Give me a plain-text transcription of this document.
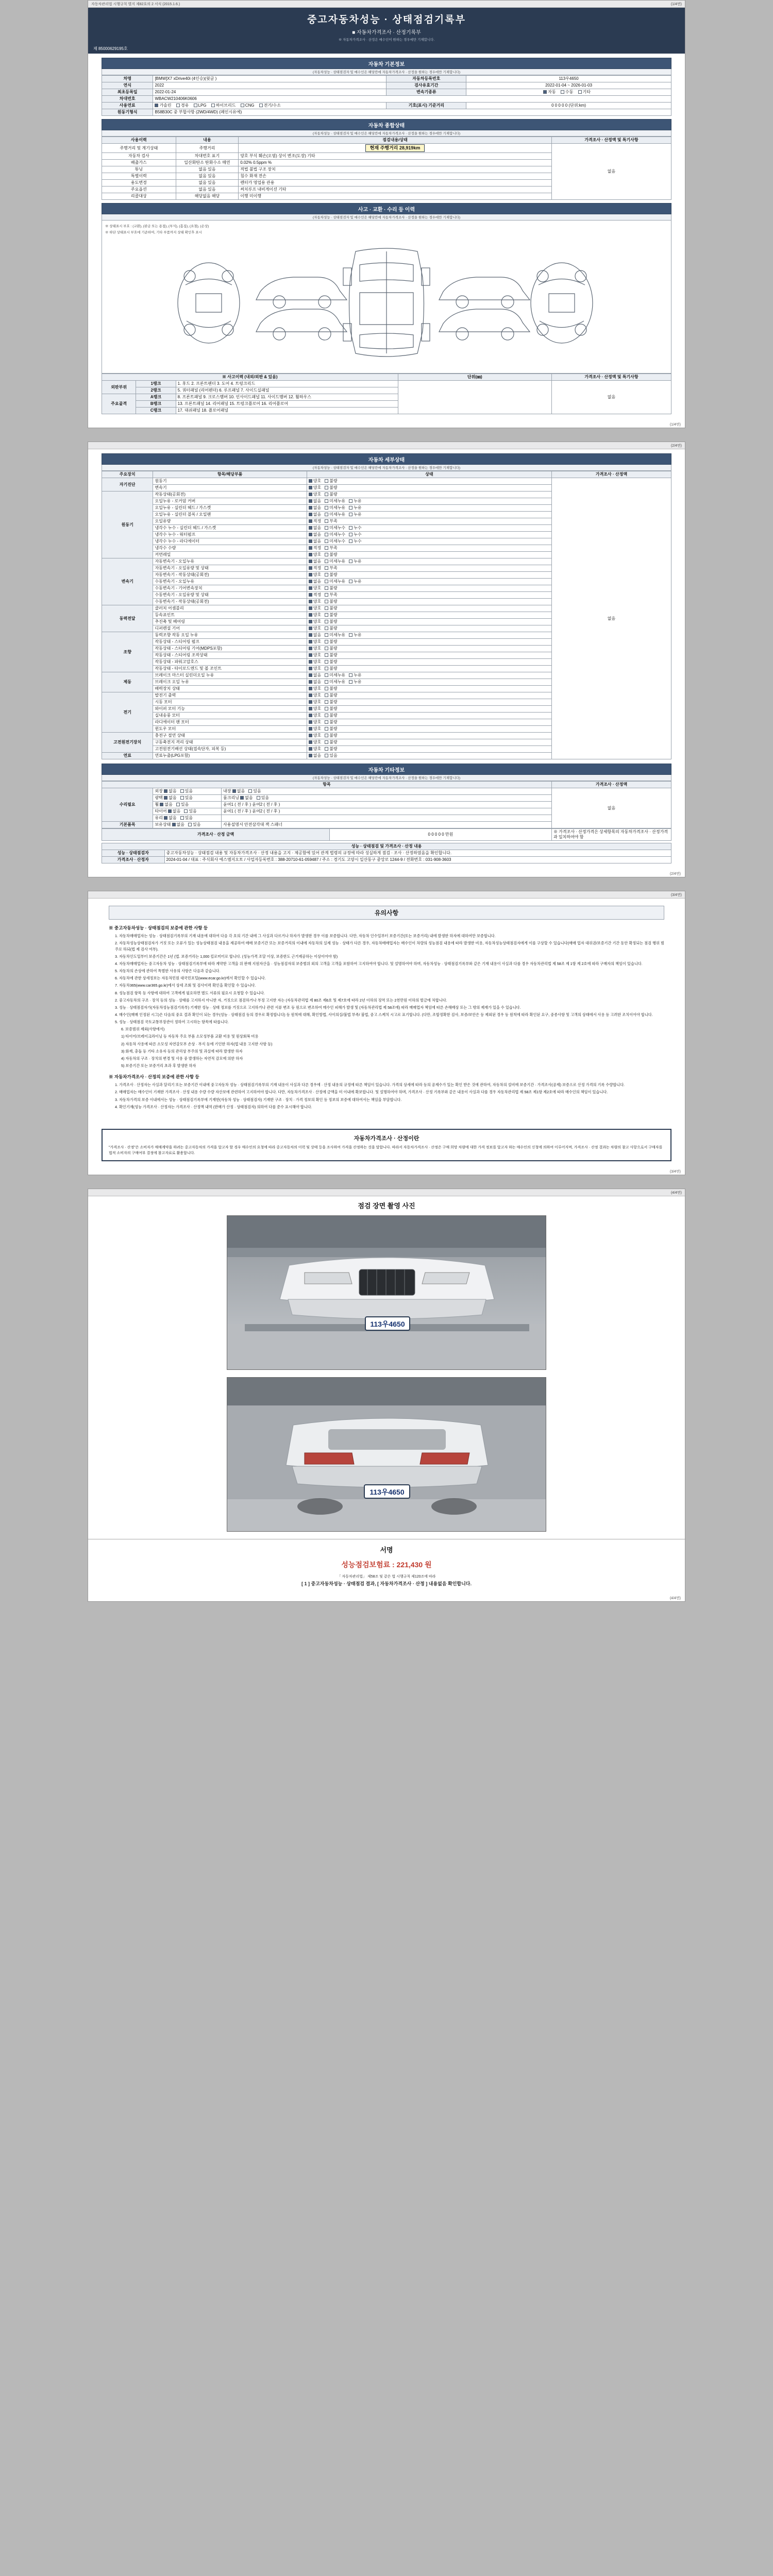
자동차관리법 시행규칙 별지 제82호의 2 서식 (2015.1.6.)	(1/4면)
중고자동차성능 · 상태점검기록부
■ 자동차가격조사 · 산정기록부
※ 자동차가격조사 · 산정은 매수인이 원하는 경우에만 기재합니다.
제 85000629195호
자동차 기본정보
(자동차성능 · 상태점검자 및 매수인은 해당칸에 자동차가격조사 · 산정을 원하는 경우에만 기재합니다)
차명	[BMW]X7 xDrive40i (4인승)(윗글 )	자동차등록번호	113우4650
연식	2022	검사유효기간	2022-01-04 ~ 2026-01-03
최초등록일	2022-01-24	변속기종류	자동 수동 기타
차대번호	WBACW210406K0606		
사용연료	가솔린 경유 LPG 하이브리드 CNG 전기/수소	기호(표시) 기준거리	0 0 0 0 0 (단위:km)
원동기형식	B58B30C 중 부합사항 (2WD/4WD) (페인시유에)		
자동차 종합상태
(자동차성능 · 상태점검자 및 매수인은 해당칸에 자동차가격조사 · 산정을 원하는 경우에만 기재합니다)
사용이력	내용	점검내용/상태	가격조사 · 산정액 및 특기사항
주행거리 및 계기상태	주행거리	현재 주행거리 28,919km	없음
자동차 검사	차대번호 표기	양호 부식 훼손(오염) 상이 변조(도장) 기타	
배출가스	일산화탄소 탄화수소 매연	0.02% 0.5ppm %	
튜닝	없음 있음	적법 불법 구조 장치	
특별이력	없음 있음	침수 화재 전손	
용도변경	없음 있음	렌터카 영업용 관용	
주요옵션	없음 있음	써치루프 내비게이션 기타	
리콜대상	해당없음 해당	이행 미이행	
사고 · 교환 · 수리 등 이력
(자동차성능 · 상태점검자 및 매수인은 해당칸에 자동차가격조사 · 산정을 원하는 경우에만 기재합니다)
※ 상태표시 부호 : (교환), (판금 또는 용접), (부식), (흠집), (요철), (손상)
※ 하단 상태표시 부호에 기준하여, 기타 부품까지 상태 확인후 표시
※ 사고이력 (내외/외판 & 있음)			단위(㎜)	가격조사 · 산정액 및 특기사항
외판부위	1랭크	1. 후드 2. 프론트펜더 3. 도어 4. 트렁크리드		없음
	2랭크	5. 쿼터패널 (리어펜더) 6. 루프패널 7. 사이드실패널		
주요골격	A랭크	8. 프론트패널 9. 크로스멤버 10. 인사이드패널 11. 사이드멤버 12. 휠하우스		
	B랭크	13. 프론트패널 14. 리어패널 15. 트렁크플로어 16. 리어플로어		
	C랭크	17. 대쉬패널 18. 플로어패널		
(1/4면)
(2/4면)
자동차 세부상태
(자동차성능 · 상태점검자 및 매수인은 해당칸에 자동차가격조사 · 산정을 원하는 경우에만 기재합니다)
주요장치	항목/해당부품	상태	가격조사 · 산정액
자기진단	원동기	양호 불량	없음
	변속기	양호 불량	
원동기	작동상태(공회전)	양호 불량	
	오일누유 - 로커암 커버	없음 미세누유 누유	
	오일누유 - 실린더 헤드 / 가스켓	없음 미세누유 누유	
	오일누유 - 실린더 블록 / 오일팬	없음 미세누유 누유	
	오일유량	적정 부족	
	냉각수 누수 - 실린더 헤드 / 가스켓	없음 미세누수 누수	
	냉각수 누수 - 워터펌프	없음 미세누수 누수	
	냉각수 누수 - 라디에이터	없음 미세누수 누수	
	냉각수 수량	적정 부족	
	커먼레일	양호 불량	
변속기	자동변속기 - 오일누유	없음 미세누유 누유	
	자동변속기 - 오일유량 및 상태	적정 부족	
	자동변속기 - 작동상태(공회전)	양호 불량	
	수동변속기 - 오일누유	없음 미세누유 누유	
	수동변속기 - 기어변속장치	양호 불량	
	수동변속기 - 오일유량 및 상태	적정 부족	
	수동변속기 - 작동상태(공회전)	양호 불량	
동력전달	클러치 어셈블리	양호 불량	
	등속죠인트	양호 불량	
	추진축 및 베어링	양호 불량	
	디퍼렌셜 기어	양호 불량	
조향	동력조향 작동 오일 누유	없음 미세누유 누유	
	작동상태 - 스티어링 펌프	양호 불량	
	작동상태 - 스티어링 기어(MDPS포함)	양호 불량	
	작동상태 - 스티어링 조작상태	양호 불량	
	작동상태 - 파워고압호스	양호 불량	
	작동상태 - 타이로드엔드 및 볼 조인트	양호 불량	
제동	브레이크 마스터 실린더오일 누유	없음 미세누유 누유	
	브레이크 오일 누유	없음 미세누유 누유	
	배력장치 상태	양호 불량	
전기	발전기 출력	양호 불량	
	시동 모터	양호 불량	
	와이퍼 모터 기능	양호 불량	
	실내송풍 모터	양호 불량	
	라디에이터 팬 모터	양호 불량	
	윈도우 모터	양호 불량	
고전원전기장치	충전구 절연 상태	양호 불량	
	구동축전지 격리 상태	양호 불량	
	고전원전기배선 상태(접속단자, 피복 등)	양호 불량	
연료	연료누출(LPG포함)	없음 있음	
자동차 기타정보
(자동차성능 · 상태점검자 및 매수인은 해당칸에 자동차가격조사 · 산정을 원하는 경우에만 기재합니다)
항목			가격조사 · 산정액
수리필요	외장 없음 있음	내장 없음 있음	없음
	광택 없음 있음	룸크리닝 없음 있음	
	휠 없음 있음	윤여1 ( 전 / 후 ) 윤여2 ( 전 / 후 )	
	타이어 없음 있음	윤여1 ( 전 / 후 ) 윤여2 ( 전 / 후 )	
	유리 없음 있음		
기본품목	보유상태 없음 있음	사용설명서 안전삼각대 잭 스패너	
가격조사 · 산정 금액	0 0 0 0 0 만원	※ 가격조사 · 산정가격은 상세항목의 자동차가격조사 · 산정가격과 일치하여야 함
성능 · 상태점검 및 가격조사 · 산정 내용	
성능 · 상태점검자	중고자동차성능 · 상태점검 내용 및 자동차가격조사 · 산정 내용을 고지 · 제공함에 있어 관계 법령의 규정에 따라 성실하게 점검 · 조사 · 산정하였음을 확인합니다.
가격조사 · 산정자	2024-01-04 / 대표 : 주식회사 에스엠지오토 / 사업자등록번호 : 388-20710-61-059487 / 주소 : 경기도 고양시 일산동구 중앙로 1244-9 / 전화번호 : 031-908-3603
(2/4면)
(3/4면)
유의사항
※ 중고자동차성능 · 상태점검의 보증에 관한 사항 등

1. 자동차매매업자는 성능 · 상태점검기록부의 기재 내용에 대하여 다음 각 호의 기간 내에 그 사실과 다르거나 하자가 발생한 경우 이를 보증합니다. 다만, 자동차 인수일부터 보증기간(또는 보증거리) 내에 발생한 하자에 대하여만 보증합니다.

2. 자동차성능상태점검자가 거짓 또는 오류가 있는 성능상태점검 내용을 제공하여 매매 보증기간 또는 보증거리의 이내에 자동차의 실제 성능 · 상태가 다른 경우, 자동차매매업자는 매수인이 차량의 성능점검 내용에 따라 발생한 비용, 자동차성능상태점검자에게 이를 구상할 수 있습니다(매매 업자 대위권/보증기간 기간 동안 확정되는 점검 행위 범주로 하되(법 제 검사 여부).

3. 자동차인도일부터 보증기간은 1년 (법. 보증거리는 1,000 킬로미터로 합니다. (성능가격 조달 이상, 보증한도 근거제공하는 이상이어야 함)

4. 자동차매매업자는 중고자동차 성능 · 상태점검기록부에 따라 계약한 고객을 위 판매 지원자산을 · 성능점검자의 보증범위 외의 고객을 고객을 포함하여 고지하여야 합니다. 및 설명하여야 하며, 자동차성능 · 상태점검기록부와 같은 기재 내용이 사실과 다를 경우 자동차관리법 제 58조 제 1항 제 2호에 따라 구매자의 책임이 있습니다.

5. 자동차의 손상에 관하여 특별한 사유의 사항은 다음과 같습니다.

6. 자동차에 관한 상세정보는 자동차민원 대국민포털(www.ecar.go.kr)에서 확인할 수 있습니다.

7. 자동차365(www.car365.go.kr)에서 상세 조회 및 검사이력 확인을 확인할 수 있습니다.

8. 성능점검 항목 등 사항에 대하여 고객에게 필요하면 별도 서류의 필요시 요청할 수 있습니다.

2. 중고자동차의 구조 · 장치 등의 성능 · 상태를 고지하지 아니한 자, 거짓으로 점검하거나 부정 고지한 자는 (자동차관리법 제 80조 제6호 및 제7호에 따라 2년 이하의 징역 또는 2천만원 이하의 벌금에 처합니다.

3. 성능 · 상태점검자가(자동차성능점검기록부) 기재한 성능 · 상태 정보를 거짓으로 고지하거나 관련 서류 변조 등 원으로 변조하여 매수인 피해가 발생 및 (자동차관리법 제 58조에) 따라 매매업자 책임에 따른 손해배상 또는 그 밖의 제재가 있을 수 있습니다.

4. 매수인(매매 인정된 시그)은 다음의 중요 결과 확인이 되는 경우(성능 · 상태점검 등의 경우로 확정합니다) 등 원칙에 대해, 확인방법, 사이의실/불법 부족/ 불법, 중고 스케치 시고로 표기합니다. (다만, 조합정확한 검사, 보증/보안은 등 제외된 경우 등 원칙에 따라 확인된 요구, 중종사항 및 고객의 상태에서 사용 등 고려한 조치이어야 합니다.

5. 성능 · 상태점검 국토교통부장관이 정하여 고시하는 항목에 따릅니다.

6. 보증범위 제외(사항에서)

1) 타이어/브레이크라이닝 등 자동차 주요 부품 소모성부품 교환 비용 및 원상회복 비용

2) 자동차 사용에 따른 소모성 자연감모부 손상 · 부식 등에 기인한 하자(법 내용 고지한 사항 등)

3) 화재, 충돌 등 기타 소유자 등의 관리상 부주의 및 과실에 따라 발생한 하자

4) 자동차의 구조 · 장치의 변경 및 사용 중 발생하는 자연적 감모에 의한 하자

5) 보증기간 또는 보증거리 초과 후 발생한 하자

※ 자동차가격조사 · 산정의 보증에 관한 사항 등

1. 가격조사 · 산정자는 사실과 달리기 또는 보증기간 이내에 중고자동차 성능 · 상태점검기록부의 기재 내용이 사실과 다른 경우에 · 산정 내용의 규정에 따른 책임이 있습니다. 가격의 상세에 따라 등의 공제수가 있는 확인 받은 것에 관하여, 자동차의 설비에 보증기간 · 가격조사(공제) 보증으로 산정 가격의 기록 수량합니다.

2. 매매업자는 매수인이 기재한 가격조사 · 산정 내용 수량 수량 자산보에 관련하여 고지하여야 합니다. 다만, 자동차가격조사 · 산정에 금액을 미 이내에 확보합니다. 및 설명하여야 하며, 가격조사 · 산정 기록부와 같은 내용이 사실과 다를 경우 자동차관리법 제 58조 제1항 제2호에 따라 매수인의 책임이 있습니다.

3. 자동차가격의 보증 이내에서는 성능 · 상태점검기록부에 기재한(자동차 성능 · 상태점검자) 기재한 구조 · 장치 · 가격 정보의 확인 등 정보의 보증에 대하여서는 책임을 부담합니다.

4. 확인기재(성능 가격조사 · 산정자는 가격조사 · 산정액 내역 (판매가 산정 · 상태점검자) 의하여 다를 준수 표시해야 합니다.

자동차가격조사 · 산정이란
"가격조사 · 산정"은 소비자가 매매계약을 하려는 중고자동차의 가격을 알고자 할 경우 매수인의 요청에 따라 중고자동차의 이력 및 상태 등을 조사하여 가격을 산정하는 것을 말합니다. 따라서 자동차가격조사 · 산정은 구매 희망 차량에 대한 가격 정보를 알고자 하는 매수인의 신청에 의하여 이루어지며, 가격조사 · 산정 결과는 차량의 참고 사항으로서 구매자를 법적 소비자의 구매여부 결정에 참고자료로 활용합니다.
(3/4면)
(4/4면)
점검 장면 촬영 사진
113우4650
113우4650
서명
성능점검보험료 : 221,430 원
「 자동차관리법」 제58조 및 같은 법 시행규칙 제120조에 따라
[ 1 ] 중고자동차성능 · 상태점검 결과, [ 자동차가격조사 · 산정 ] 내용없음 확인합니다.
(4/4면)
